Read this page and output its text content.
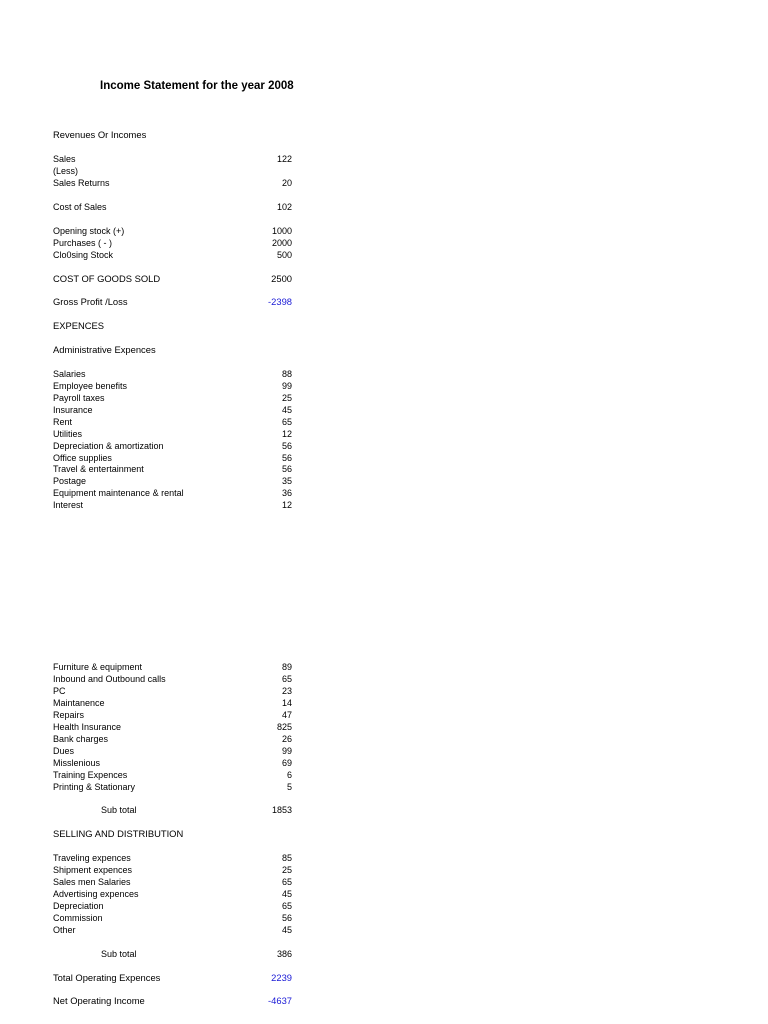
Income Statement for the year 2008
Revenues Or Incomes
Sales	122
(Less)
Sales Returns	20
Cost of Sales	102
Opening stock (+)	1000
Purchases ( - )	2000
Clo0sing Stock	500
COST OF GOODS SOLD	2500
Gross Profit /Loss	-2398
EXPENCES
Administrative Expences
Salaries	88
Employee benefits	99
Payroll taxes	25
Insurance	45
Rent	65
Utilities	12
Depreciation & amortization	56
Office supplies	56
Travel & entertainment	56
Postage	35
Equipment maintenance & rental	36
Interest	12
Furniture & equipment	89
Inbound and Outbound calls	65
PC	23
Maintanence	14
Repairs	47
Health Insurance	825
Bank charges	26
Dues	99
Misslenious	69
Training Expences	6
Printing & Stationary	5
Sub total	1853
SELLING AND DISTRIBUTION
Traveling expences	85
Shipment expences	25
Sales men Salaries	65
Advertising expences	45
Depreciation	65
Commission	56
Other	45
Sub total	386
Total Operating Expences	2239
Net Operating Income	-4637
